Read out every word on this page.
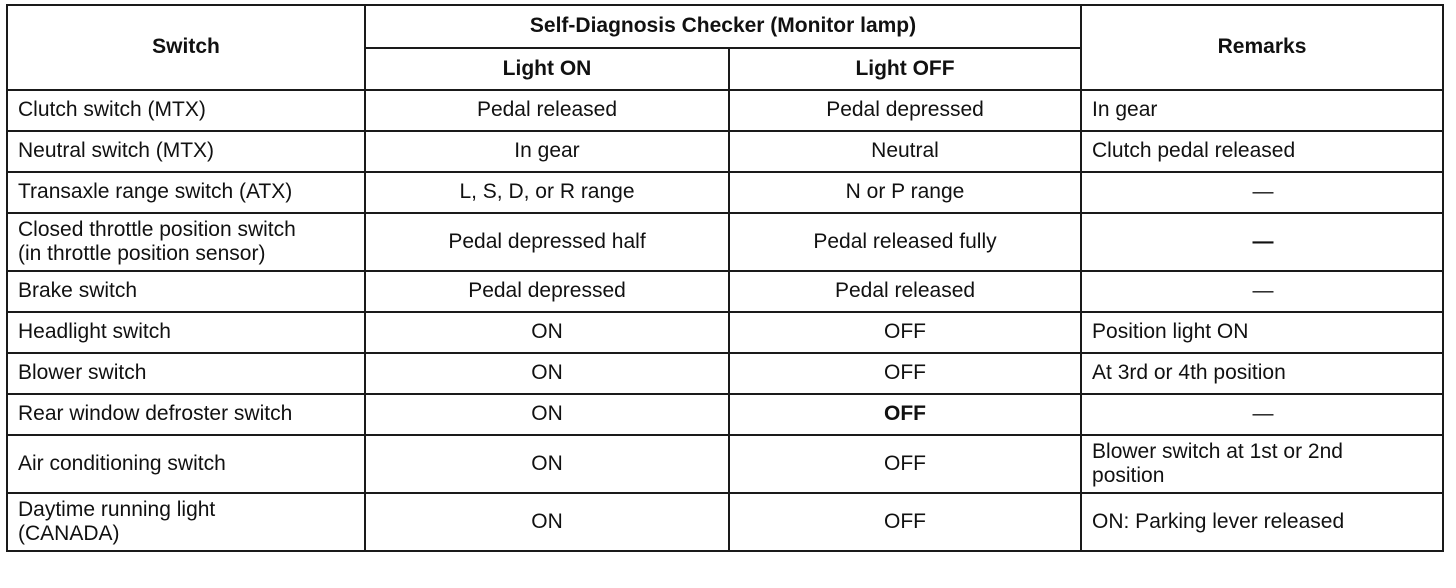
Switch	Self-Diagnosis Checker (Monitor lamp)		Remarks
	Light ON	Light OFF	
Clutch switch (MTX)	Pedal released	Pedal depressed	In gear
Neutral switch (MTX)	In gear	Neutral	Clutch pedal released
Transaxle range switch (ATX)	L, S, D, or R range	N or P range	—
Closed throttle position switch
(in throttle position sensor)	Pedal depressed half	Pedal released fully	—
Brake switch	Pedal depressed	Pedal released	—
Headlight switch	ON	OFF	Position light ON
Blower switch	ON	OFF	At 3rd or 4th position
Rear window defroster switch	ON	OFF	—
Air conditioning switch	ON	OFF	Blower switch at 1st or 2nd
position
Daytime running light
(CANADA)	ON	OFF	ON: Parking lever released
